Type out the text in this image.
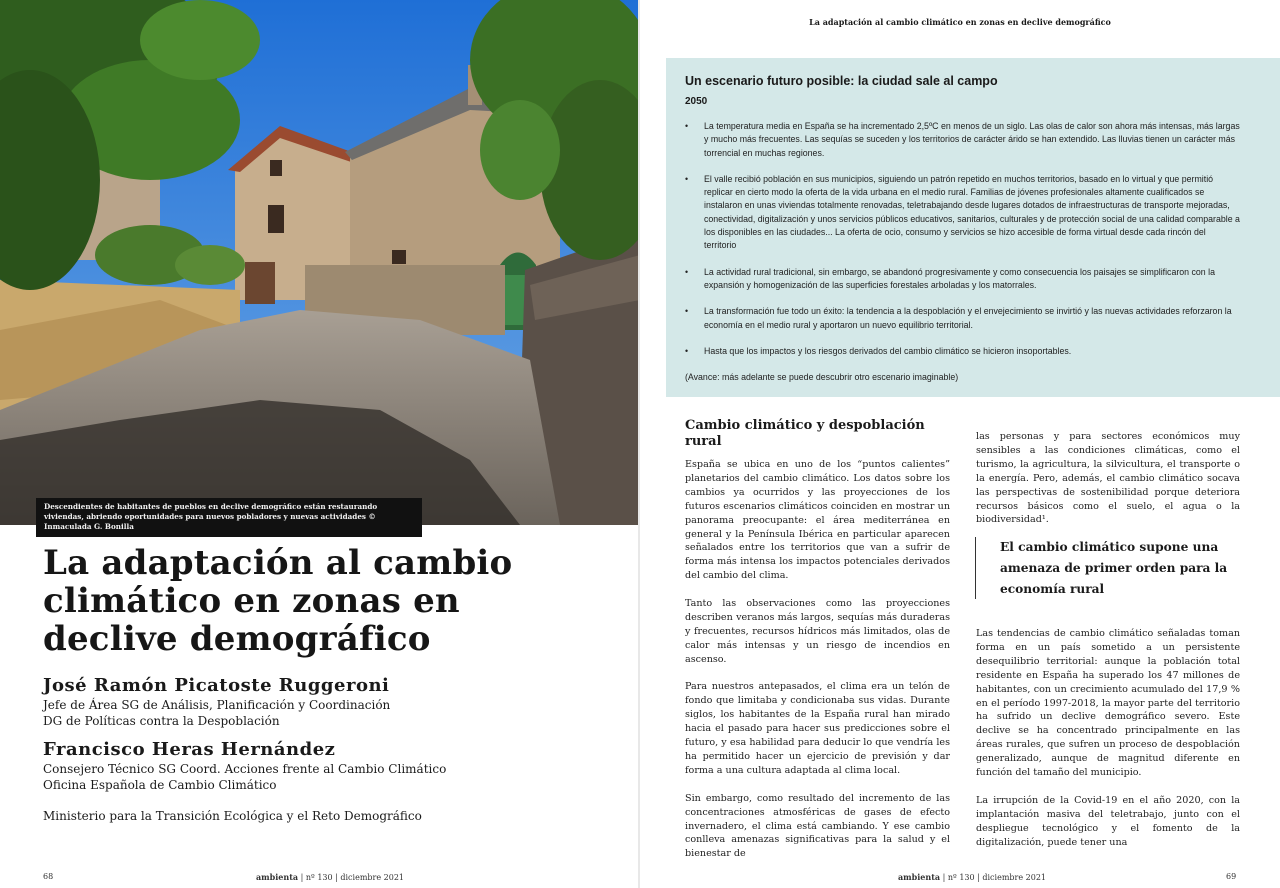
Descendientes de habitantes de pueblos en declive demográfico están restaurando viviendas, abriendo oportunidades para nuevos pobladores y nuevas actividades © Inmaculada G. Bonilla
La adaptación al cambio
climático en zonas en
declive demográfico
José Ramón Picatoste Ruggeroni
Jefe de Área SG de Análisis, Planificación y Coordinación
DG de Políticas contra la Despoblación
Francisco Heras Hernández
Consejero Técnico SG Coord. Acciones frente al Cambio Climático
Oficina Española de Cambio Climático
Ministerio para la Transición Ecológica y el Reto Demográfico
68	ambienta | nº 130 | diciembre 2021
La adaptación al cambio climático en zonas en declive demográfico
Un escenario futuro posible: la ciudad sale al campo
2050
• La temperatura media en España se ha incrementado 2,5ºC en menos de un siglo. Las olas de calor son ahora más intensas, más largas y mucho más frecuentes. Las sequías se suceden y los territorios de carácter árido se han extendido. Las lluvias tienen un carácter más torrencial en muchas regiones.
• El valle recibió población en sus municipios, siguiendo un patrón repetido en muchos territorios, basado en lo virtual y que permitió replicar en cierto modo la oferta de la vida urbana en el medio rural. Familias de jóvenes profesionales altamente cualificados se instalaron en unas viviendas totalmente renovadas, teletrabajando desde lugares dotados de infraestructuras de transporte mejoradas, conectividad, digitalización y unos servicios públicos educativos, sanitarios, culturales y de protección social de una calidad comparable a los disponibles en las ciudades... La oferta de ocio, consumo y servicios se hizo accesible de forma virtual desde cada rincón del territorio
• La actividad rural tradicional, sin embargo, se abandonó progresivamente y como consecuencia los paisajes se simplificaron con la expansión y homogenización de las superficies forestales arboladas y los matorrales.
• La transformación fue todo un éxito: la tendencia a la despoblación y el envejecimiento se invirtió y las nuevas actividades reforzaron la economía en el medio rural y aportaron un nuevo equilibrio territorial.
• Hasta que los impactos y los riesgos derivados del cambio climático se hicieron insoportables.
(Avance: más adelante se puede descubrir otro escenario imaginable)
Cambio climático y despoblación rural

España se ubica en uno de los “puntos calientes” planetarios del cambio climático. Los datos sobre los cambios ya ocurridos y las proyecciones de los futuros escenarios climáticos coinciden en mostrar un panorama preocupante: el área mediterránea en general y la Península Ibérica en particular aparecen señalados entre los territorios que van a sufrir de forma más intensa los impactos potenciales derivados del cambio del clima.

Tanto las observaciones como las proyecciones describen veranos más largos, sequías más duraderas y frecuentes, recursos hídricos más limitados, olas de calor más intensas y un riesgo de incendios en ascenso.

Para nuestros antepasados, el clima era un telón de fondo que limitaba y condicionaba sus vidas. Durante siglos, los habitantes de la España rural han mirado hacia el pasado para hacer sus predicciones sobre el futuro, y esa habilidad para deducir lo que vendría les ha permitido hacer un ejercicio de previsión y dar forma a una cultura adaptada al clima local.

Sin embargo, como resultado del incremento de las concentraciones atmosféricas de gases de efecto invernadero, el clima está cambiando. Y ese cambio conlleva amenazas significativas para la salud y el bienestar de

las personas y para sectores económicos muy sensibles a las condiciones climáticas, como el turismo, la agricultura, la silvicultura, el transporte o la energía. Pero, además, el cambio climático socava las perspectivas de sostenibilidad porque deteriora recursos básicos como el suelo, el agua o la biodiversidad¹.

El cambio climático supone una amenaza de primer orden para la economía rural

Las tendencias de cambio climático señaladas toman forma en un país sometido a un persistente desequilibrio territorial: aunque la población total residente en España ha superado los 47 millones de habitantes, con un crecimiento acumulado del 17,9 % en el período 1997-2018, la mayor parte del territorio ha sufrido un declive demográfico severo. Este declive se ha concentrado principalmente en las áreas rurales, que sufren un proceso de despoblación generalizado, aunque de magnitud diferente en función del tamaño del municipio.

La irrupción de la Covid-19 en el año 2020, con la implantación masiva del teletrabajo, junto con el despliegue tecnológico y el fomento de la digitalización, puede tener una

ambienta | nº 130 | diciembre 2021	69
